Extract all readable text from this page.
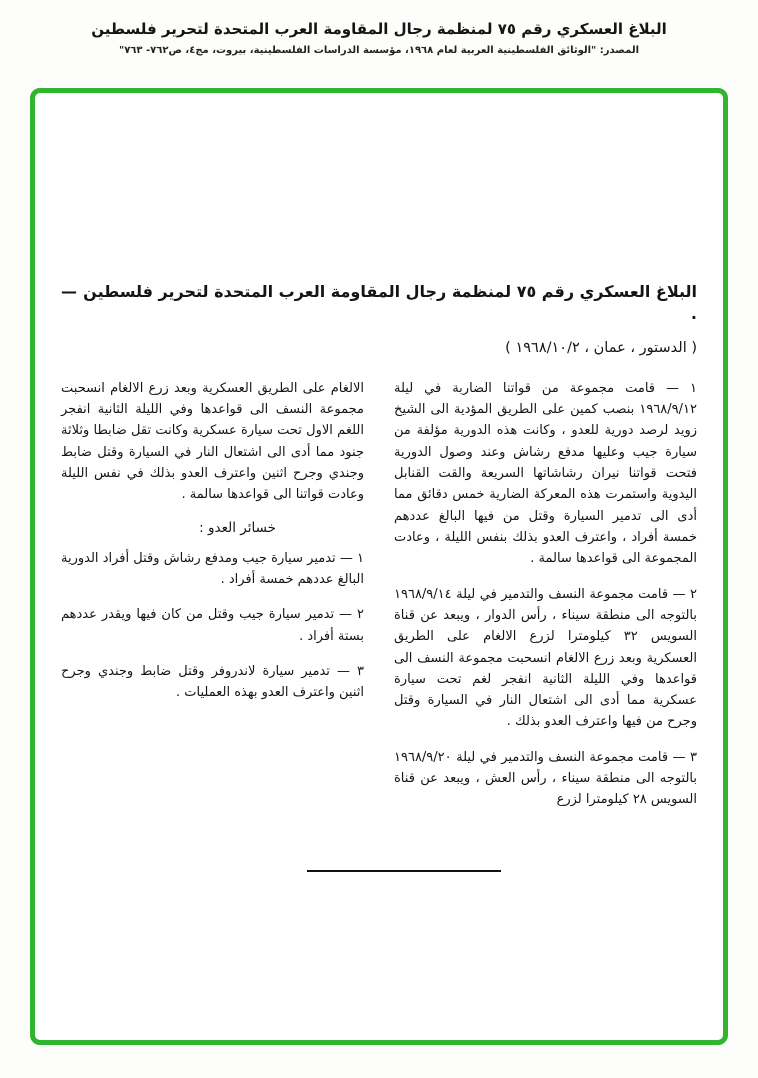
البلاغ العسكري رقم ٧٥ لمنظمة رجال المقاومة العرب المتحدة لتحرير فلسطين
المصدر: "الوثائق الفلسطينية العربية لعام ١٩٦٨، مؤسسة الدراسات الفلسطينية، بيروت، مج٤، ص٧٦٢- ٧٦٣"
البلاغ العسكري رقم ٧٥ لمنظمة رجال المقاومة العرب المتحدة لتحرير فلسطين .
—
( الدستور ، عمان ، ١٩٦٨/١٠/٢ )

١ — قامت مجموعة من قواتنا الضاربة في ليلة ١٩٦٨/٩/١٢ بنصب كمين على الطريق المؤدية الى الشيخ زويد لرصد دورية للعدو ، وكانت هذه الدورية مؤلفة من سيارة جيب وعليها مدفع رشاش وعند وصول الدورية فتحت قواتنا نيران رشاشاتها السريعة والقت القنابل اليدوية واستمرت هذه المعركة الضارية خمس دقائق مما أدى الى تدمير السيارة وقتل من فيها البالغ عددهم خمسة أفراد ، واعترف العدو بذلك بنفس الليلة ، وعادت المجموعة الى قواعدها سالمة .

٢ — قامت مجموعة النسف والتدمير في ليلة ١٩٦٨/٩/١٤ بالتوجه الى منطقة سيناء ، رأس الدوار ، ويبعد عن قناة السويس ٣٢ كيلومترا لزرع الالغام على الطريق العسكرية وبعد زرع الالغام انسحبت مجموعة النسف الى قواعدها وفي الليلة الثانية انفجر لغم تحت سيارة عسكرية مما أدى الى اشتعال النار في السيارة وقتل وجرح من فيها واعترف العدو بذلك .

٣ — قامت مجموعة النسف والتدمير في ليلة ١٩٦٨/٩/٢٠ بالتوجه الى منطقة سيناء ، رأس العش ، ويبعد عن قناة السويس ٢٨ كيلومترا لزرع

الالغام على الطريق العسكرية وبعد زرع الالغام انسحبت مجموعة النسف الى قواعدها وفي الليلة الثانية انفجر اللغم الاول تحت سيارة عسكرية وكانت تقل ضابطا وثلاثة جنود مما أدى الى اشتعال النار في السيارة وقتل ضابط وجندي وجرح اثنين واعترف العدو بذلك في نفس الليلة وعادت قواتنا الى قواعدها سالمة .

خسائر العدو :

١ — تدمير سيارة جيب ومدفع رشاش وقتل أفراد الدورية البالغ عددهم خمسة أفراد .

٢ — تدمير سيارة جيب وقتل من كان فيها ويقدر عددهم بستة أفراد .

٣ — تدمير سيارة لاندروفر وقتل ضابط وجندي وجرح اثنين واعترف العدو بهذه العمليات .
